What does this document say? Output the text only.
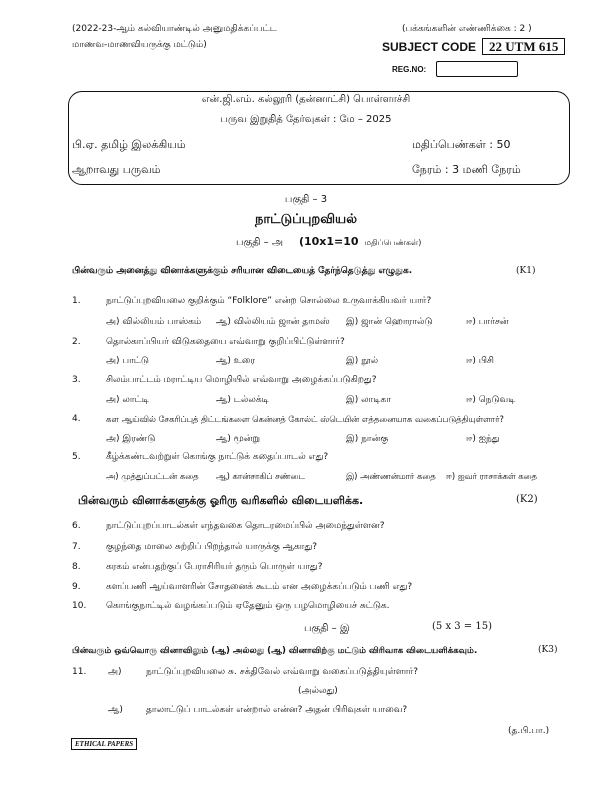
(2022-23-ஆம் கல்வியாண்டில் அனுமதிக்கப்பட்ட
மாணவ-மாணவியருக்கு மட்டும்)
(பக்கங்களின் எண்ணிக்கை : 2 )
SUBJECT CODE	22 UTM 615
REG.NO:
என்.ஜி.எம். கல்லூரி (தன்னாட்சி) பொள்ளாச்சி
பருவ இறுதித் தேர்வுகள் : மே – 2025
பி.ஏ. தமிழ் இலக்கியம்	மதிப்பெண்கள் : 50
ஆறாவது பருவம்	நேரம் : 3 மணி நேரம்
பகுதி – 3
நாட்டுப்புறவியல்
பகுதி – அ (10x1=10 மதிப்பெண்கள்)
பின்வரும் அனைத்து வினாக்களுக்கும் சரியான விடையைத் தேர்ந்தெடுத்து எழுதுக.	(K1)
1.	நாட்டுப்புறவியலை குறிக்கும் “Folklore” என்ற சொல்லை உருவாக்கியவர் யார்?
அ) வில்லியம் பாஸ்கம் ஆ) வில்லியம் ஜான் தாமஸ் இ) ஜான் ஹொரால்டு	ஈ) பார்சன்
2.	தொல்காப்பியர் விடுகதையை எவ்வாறு குறிப்பிட்டுள்ளார்?
அ) பாட்டு	ஆ) உரை	இ) நூல்	ஈ) பிசி
3.	சிலம்பாட்டம் மராட்டிய மொழியில் எவ்வாறு அழைக்கப்படுகிறது?
அ) லாட்டி	ஆ) டல்லக்டி	இ) லாடிகா	ஈ) நெடுவடி
4.	கள ஆய்வில் சேகரிப்புத் திட்டங்களை கென்னத் கோல்ட் ஸ்டெயின் எத்தனையாக வகைப்படுத்தியுள்ளார்?
அ) இரண்டு	ஆ) மூன்று	இ) நான்கு	ஈ) ஐந்து
5.	கீழ்க்கண்டவற்றுள் கொங்கு நாட்டுக் கதைப்பாடல் எது?
அ) முத்துப்பட்டன் கதை ஆ) கான்சாகிப் சண்டை	இ) அண்ணன்மார் கதை ஈ) ஐவர் ராசாக்கள் கதை
பின்வரும் வினாக்களுக்கு ஓரிரு வரிகளில் விடையளிக்க.	(K2)
6.	நாட்டுப்புறப்பாடல்கள் எந்தவகை தொடரமைப்பில் அமைந்துள்ளன?
7.	குழந்தை மாலை சுற்றிப் பிறந்தால் யாருக்கு ஆகாது?
8.	கரகம் என்பதற்குப் பேராசிரியர் தரும் பொருள் யாது?
9.	களப்பணி ஆய்வாளரின் சோதனைக் கூடம் என அழைக்கப்படும் பணி எது?
10. கொங்குநாட்டில் வழங்கப்படும் ஏதேனும் ஒரு பழமொழியைச் சுட்டுக.
பகுதி – இ	(5 x 3 = 15)
பின்வரும் ஒவ்வொரு வினாவிலும் (ஆ) அல்லது (ஆ) வினாவிற்கு மட்டும் விரிவாக விடையளிக்கவும்.	(K3)
11. அ)	நாட்டுப்புறவியலை சு. சக்திவேல் எவ்வாறு வகைப்படுத்தியுள்ளார்?
(அல்லது)
ஆ)	தாலாட்டுப் பாடல்கள் என்றால் என்ன? அதன் பிரிவுகள் யாவை?
(த.பி.பா.)
ETHICAL PAPERS
